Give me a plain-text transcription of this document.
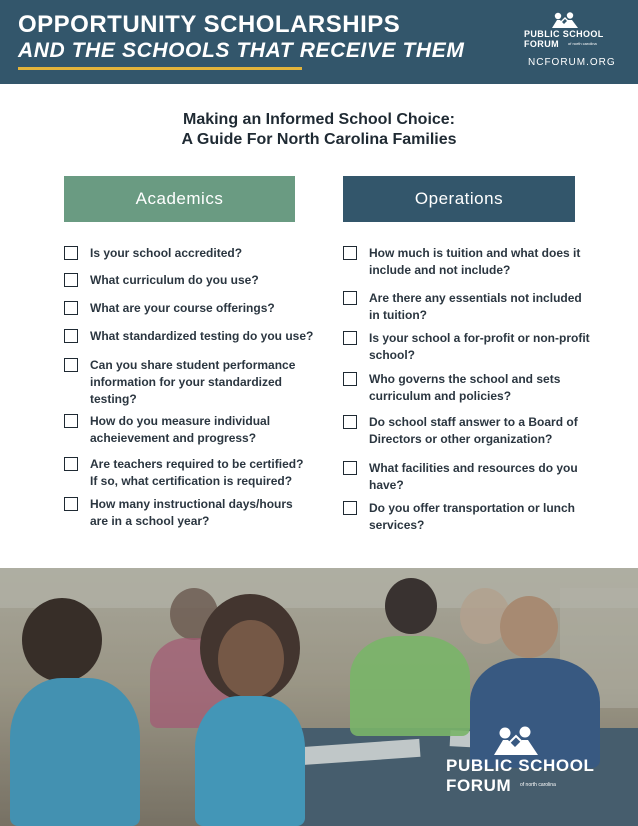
OPPORTUNITY SCHOLARSHIPS
AND THE SCHOOLS THAT RECEIVE THEM
PUBLIC SCHOOL
FORUM of north carolina
NCFORUM.ORG
Making an Informed School Choice:
A Guide For North Carolina Families
Academics	Operations
Is your school accredited?
What curriculum do you use?
What are your course offerings?
What standardized testing do you use?
Can you share student performance information for your standardized testing?
How do you measure individual acheievement and progress?
Are teachers required to be certified? If so, what certification is required?
How many instructional days/hours are in a school year?
How much is tuition and what does it include and not include?
Are there any essentials not included in tuition?
Is your school a for-profit or non-profit school?
Who governs the school and sets curriculum and policies?
Do school staff answer to a Board of Directors or other organization?
What facilities and resources do you have?
Do you offer transportation or lunch services?
PUBLIC SCHOOL
FORUM of north carolina
